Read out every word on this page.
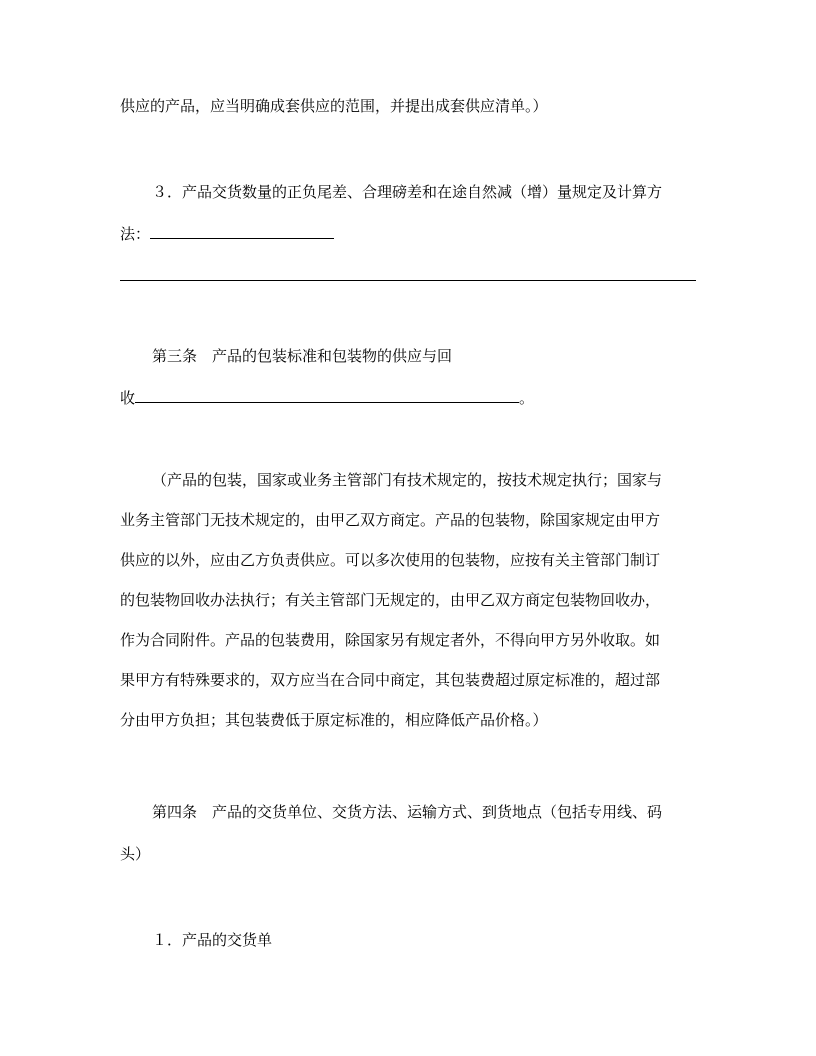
供应的产品，应当明确成套供应的范围，并提出成套供应清单。）
３．产品交货数量的正负尾差、合理磅差和在途自然减（增）量规定及计算方
法：
第三条　产品的包装标准和包装物的供应与回
收	。
（产品的包装，国家或业务主管部门有技术规定的，按技术规定执行；国家与
业务主管部门无技术规定的，由甲乙双方商定。产品的包装物，除国家规定由甲方
供应的以外，应由乙方负责供应。可以多次使用的包装物，应按有关主管部门制订
的包装物回收办法执行；有关主管部门无规定的，由甲乙双方商定包装物回收办，
作为合同附件。产品的包装费用，除国家另有规定者外，不得向甲方另外收取。如
果甲方有特殊要求的，双方应当在合同中商定，其包装费超过原定标准的，超过部
分由甲方负担；其包装费低于原定标准的，相应降低产品价格。）
第四条　产品的交货单位、交货方法、运输方式、到货地点（包括专用线、码
头）
１．产品的交货单
